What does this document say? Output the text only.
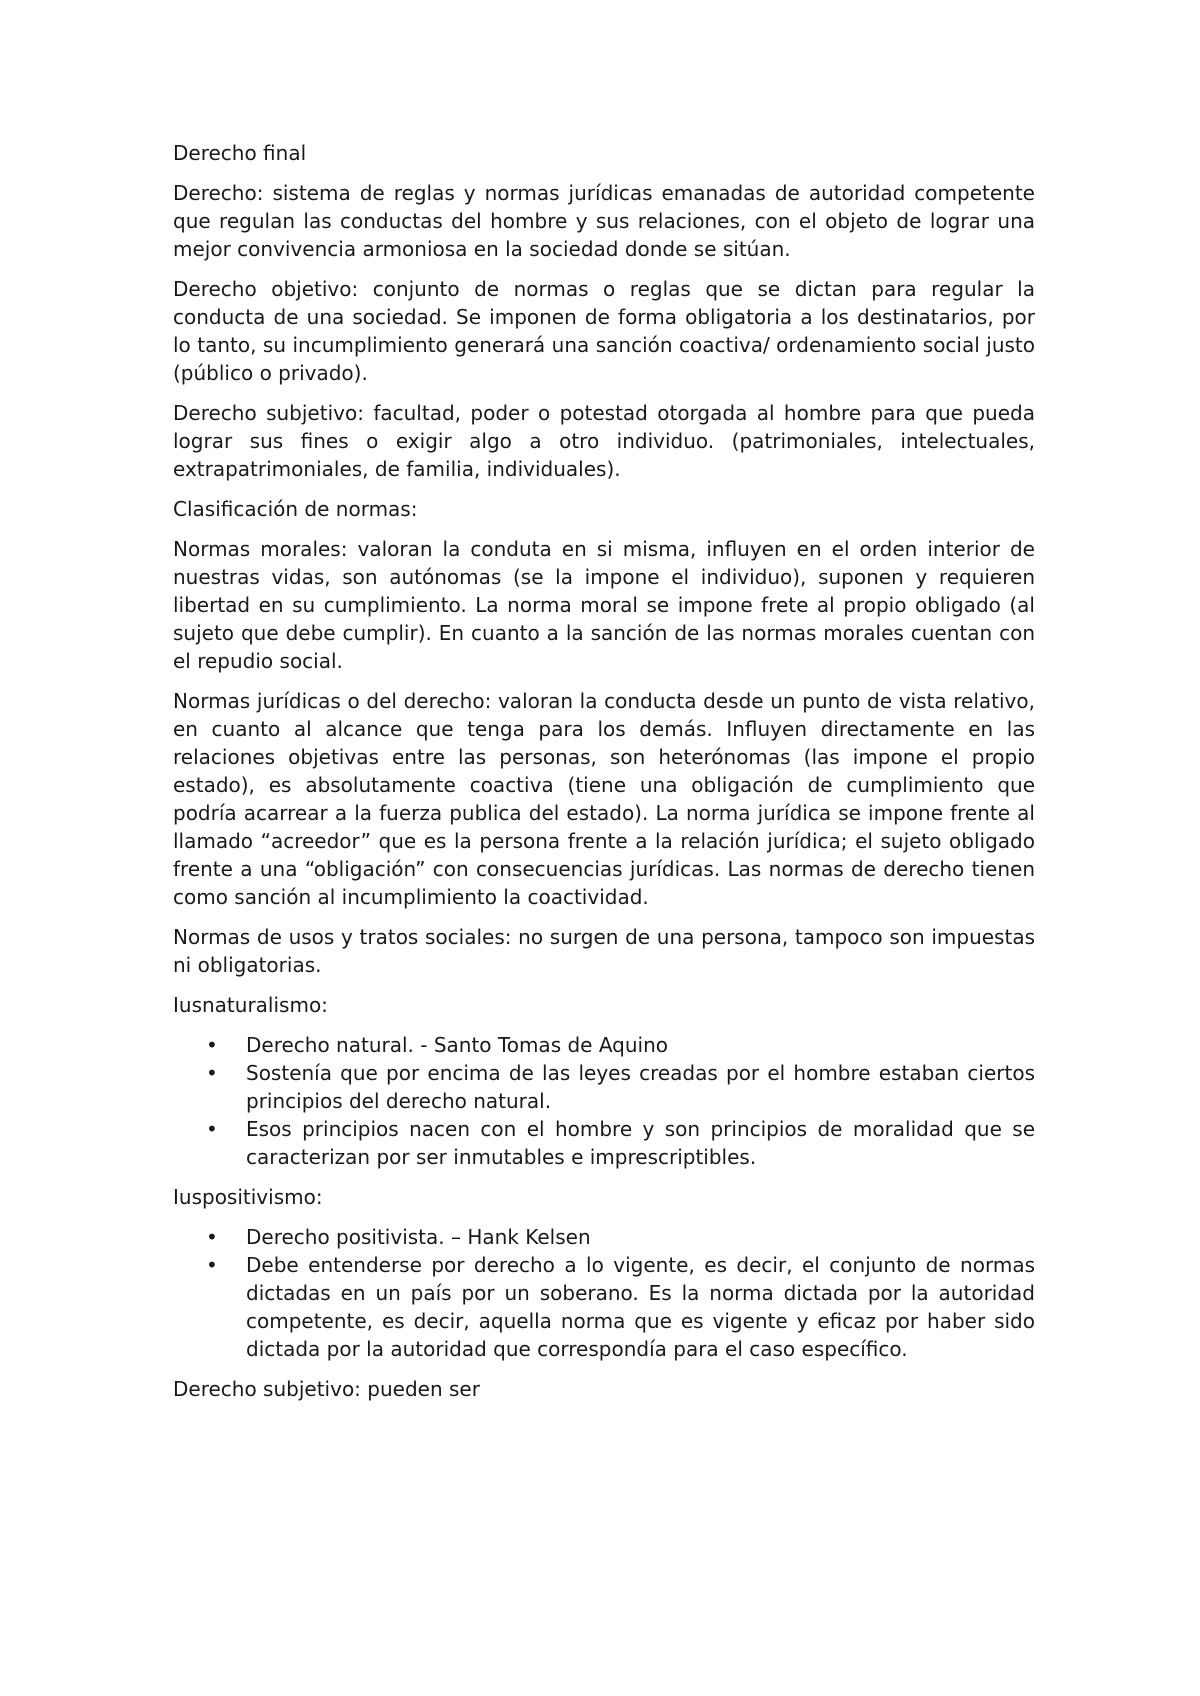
Derecho final

Derecho: sistema de reglas y normas jurídicas emanadas de autoridad competente que regulan las conductas del hombre y sus relaciones, con el objeto de lograr una mejor convivencia armoniosa en la sociedad donde se sitúan.

Derecho objetivo: conjunto de normas o reglas que se dictan para regular la conducta de una sociedad. Se imponen de forma obligatoria a los destinatarios, por lo tanto, su incumplimiento generará una sanción coactiva/ ordenamiento social justo (público o privado).

Derecho subjetivo: facultad, poder o potestad otorgada al hombre para que pueda lograr sus fines o exigir algo a otro individuo. (patrimoniales, intelectuales, extrapatrimoniales, de familia, individuales).

Clasificación de normas:

Normas morales: valoran la conduta en si misma, influyen en el orden interior de nuestras vidas, son autónomas (se la impone el individuo), suponen y requieren libertad en su cumplimiento. La norma moral se impone frete al propio obligado (al sujeto que debe cumplir). En cuanto a la sanción de las normas morales cuentan con el repudio social.

Normas jurídicas o del derecho: valoran la conducta desde un punto de vista relativo, en cuanto al alcance que tenga para los demás. Influyen directamente en las relaciones objetivas entre las personas, son heterónomas (las impone el propio estado), es absolutamente coactiva (tiene una obligación de cumplimiento que podría acarrear a la fuerza publica del estado). La norma jurídica se impone frente al llamado “acreedor” que es la persona frente a la relación jurídica; el sujeto obligado frente a una “obligación” con consecuencias jurídicas. Las normas de derecho tienen como sanción al incumplimiento la coactividad.

Normas de usos y tratos sociales: no surgen de una persona, tampoco son impuestas ni obligatorias.

Iusnaturalismo:

• Derecho natural. - Santo Tomas de Aquino
• Sostenía que por encima de las leyes creadas por el hombre estaban ciertos principios del derecho natural.
• Esos principios nacen con el hombre y son principios de moralidad que se caracterizan por ser inmutables e imprescriptibles.

Iuspositivismo:

• Derecho positivista. – Hank Kelsen
• Debe entenderse por derecho a lo vigente, es decir, el conjunto de normas dictadas en un país por un soberano. Es la norma dictada por la autoridad competente, es decir, aquella norma que es vigente y eficaz por haber sido dictada por la autoridad que correspondía para el caso específico.

Derecho subjetivo: pueden ser
